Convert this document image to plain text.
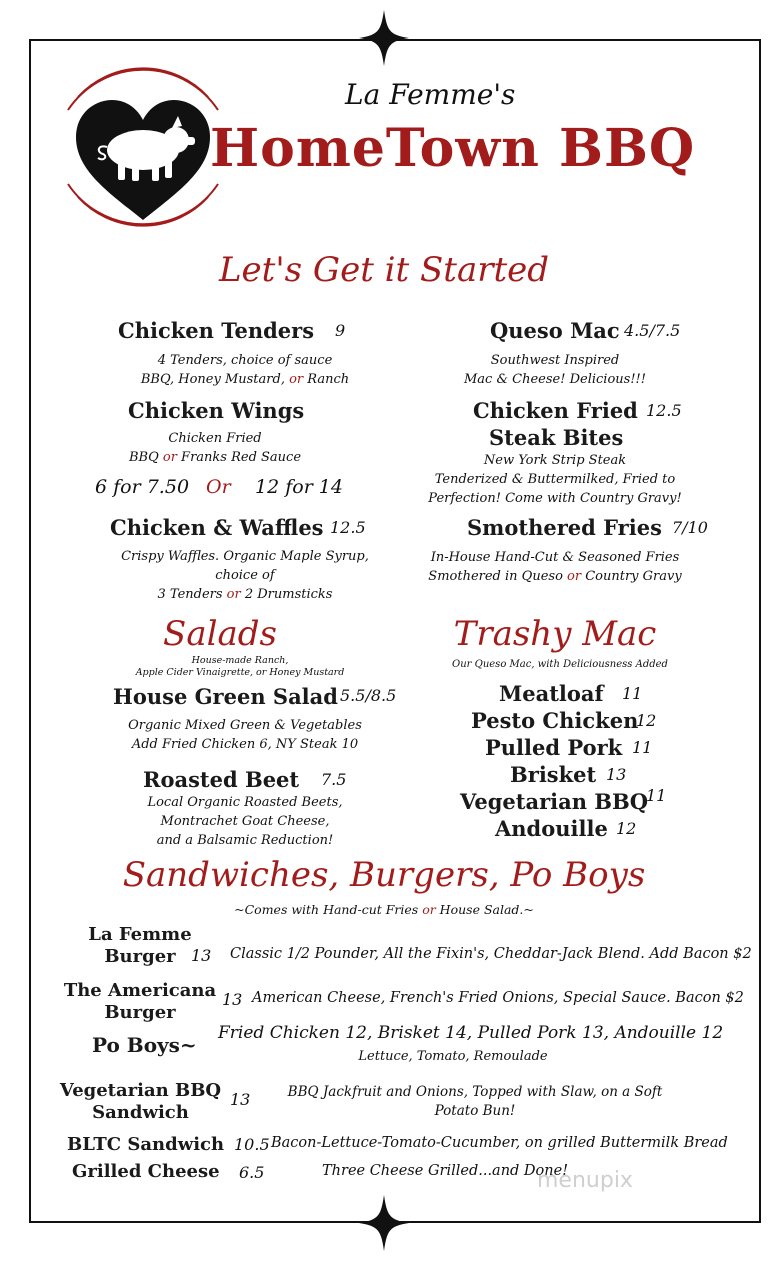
La Femme's
HomeTown BBQ
Let's Get it Started
Chicken Tenders 9
4 Tenders, choice of sauce
BBQ, Honey Mustard, or Ranch
Chicken Wings
Chicken Fried
BBQ or Franks Red Sauce
6 for 7.50 Or 12 for 14
Chicken & Waffles 12.5
Crispy Waffles. Organic Maple Syrup,
choice of
3 Tenders or 2 Drumsticks
Queso Mac 4.5/7.5
Southwest Inspired
Mac & Cheese! Delicious!!!
Chicken Fried 12.5
Steak Bites
New York Strip Steak
Tenderized & Buttermilked, Fried to
Perfection! Come with Country Gravy!
Smothered Fries 7/10
In-House Hand-Cut & Seasoned Fries
Smothered in Queso or Country Gravy
Salads
House-made Ranch,
Apple Cider Vinaigrette, or Honey Mustard
House Green Salad 5.5/8.5
Organic Mixed Green & Vegetables
Add Fried Chicken 6, NY Steak 10
Roasted Beet 7.5
Local Organic Roasted Beets,
Montrachet Goat Cheese,
and a Balsamic Reduction!
Trashy Mac
Our Queso Mac, with Deliciousness Added
Meatloaf 11
Pesto Chicken
12
Pulled Pork 11
Brisket 13
Vegetarian BBQ
11
Andouille 12
Sandwiches, Burgers, Po Boys
~Comes with Hand-cut Fries or House Salad.~
La Femme
Burger 13 Classic 1/2 Pounder, All the Fixin's, Cheddar-Jack Blend. Add Bacon $2
The Americana
Burger
13 American Cheese, French's Fried Onions, Special Sauce. Bacon $2
Po Boys~ Fried Chicken 12, Brisket 14, Pulled Pork 13, Andouille 12
Lettuce, Tomato, Remoulade
Vegetarian BBQ
Sandwich
13	BBQ Jackfruit and Onions, Topped with Slaw, on a Soft
Potato Bun!
BLTC Sandwich 10.5 Bacon-Lettuce-Tomato-Cucumber, on grilled Buttermilk Bread
Grilled Cheese 6.5	Three Cheese Grilled...and Done!
menupix
